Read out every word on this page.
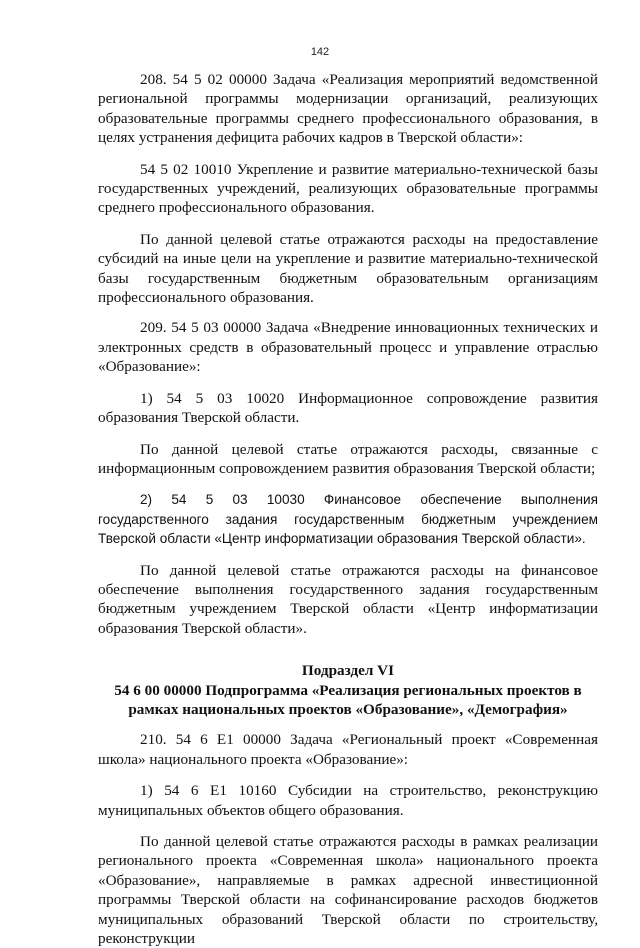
142

208. 54 5 02 00000 Задача «Реализация мероприятий ведомственной региональной программы модернизации организаций, реализующих образовательные программы среднего профессионального образования, в целях устранения дефицита рабочих кадров в Тверской области»:

54 5 02 10010 Укрепление и развитие материально-технической базы государственных учреждений, реализующих образовательные программы среднего профессионального образования.

По данной целевой статье отражаются расходы на предоставление субсидий на иные цели на укрепление и развитие материально-технической базы государственным бюджетным образовательным организациям профессионального образования.

209. 54 5 03 00000 Задача «Внедрение инновационных технических и электронных средств в образовательный процесс и управление отраслью «Образование»:

1) 54 5 03 10020 Информационное сопровождение развития образования Тверской области.

По данной целевой статье отражаются расходы, связанные с информационным сопровождением развития образования Тверской области;

2) 54 5 03 10030 Финансовое обеспечение выполнения государственного задания государственным бюджетным учреждением Тверской области «Центр информатизации образования Тверской области».

По данной целевой статье отражаются расходы на финансовое обеспечение выполнения государственного задания государственным бюджетным учреждением Тверской области «Центр информатизации образования Тверской области».

Подраздел VI

54 6 00 00000 Подпрограмма «Реализация региональных проектов в рамках национальных проектов «Образование», «Демография»

210. 54 6 Е1 00000 Задача «Региональный проект «Современная школа» национального проекта «Образование»:

1) 54 6 Е1 10160 Субсидии на строительство, реконструкцию муниципальных объектов общего образования.

По данной целевой статье отражаются расходы в рамках реализации регионального проекта «Современная школа» национального проекта «Образование», направляемые в рамках адресной инвестиционной программы Тверской области на софинансирование расходов бюджетов муниципальных образований Тверской области по строительству, реконструкции
